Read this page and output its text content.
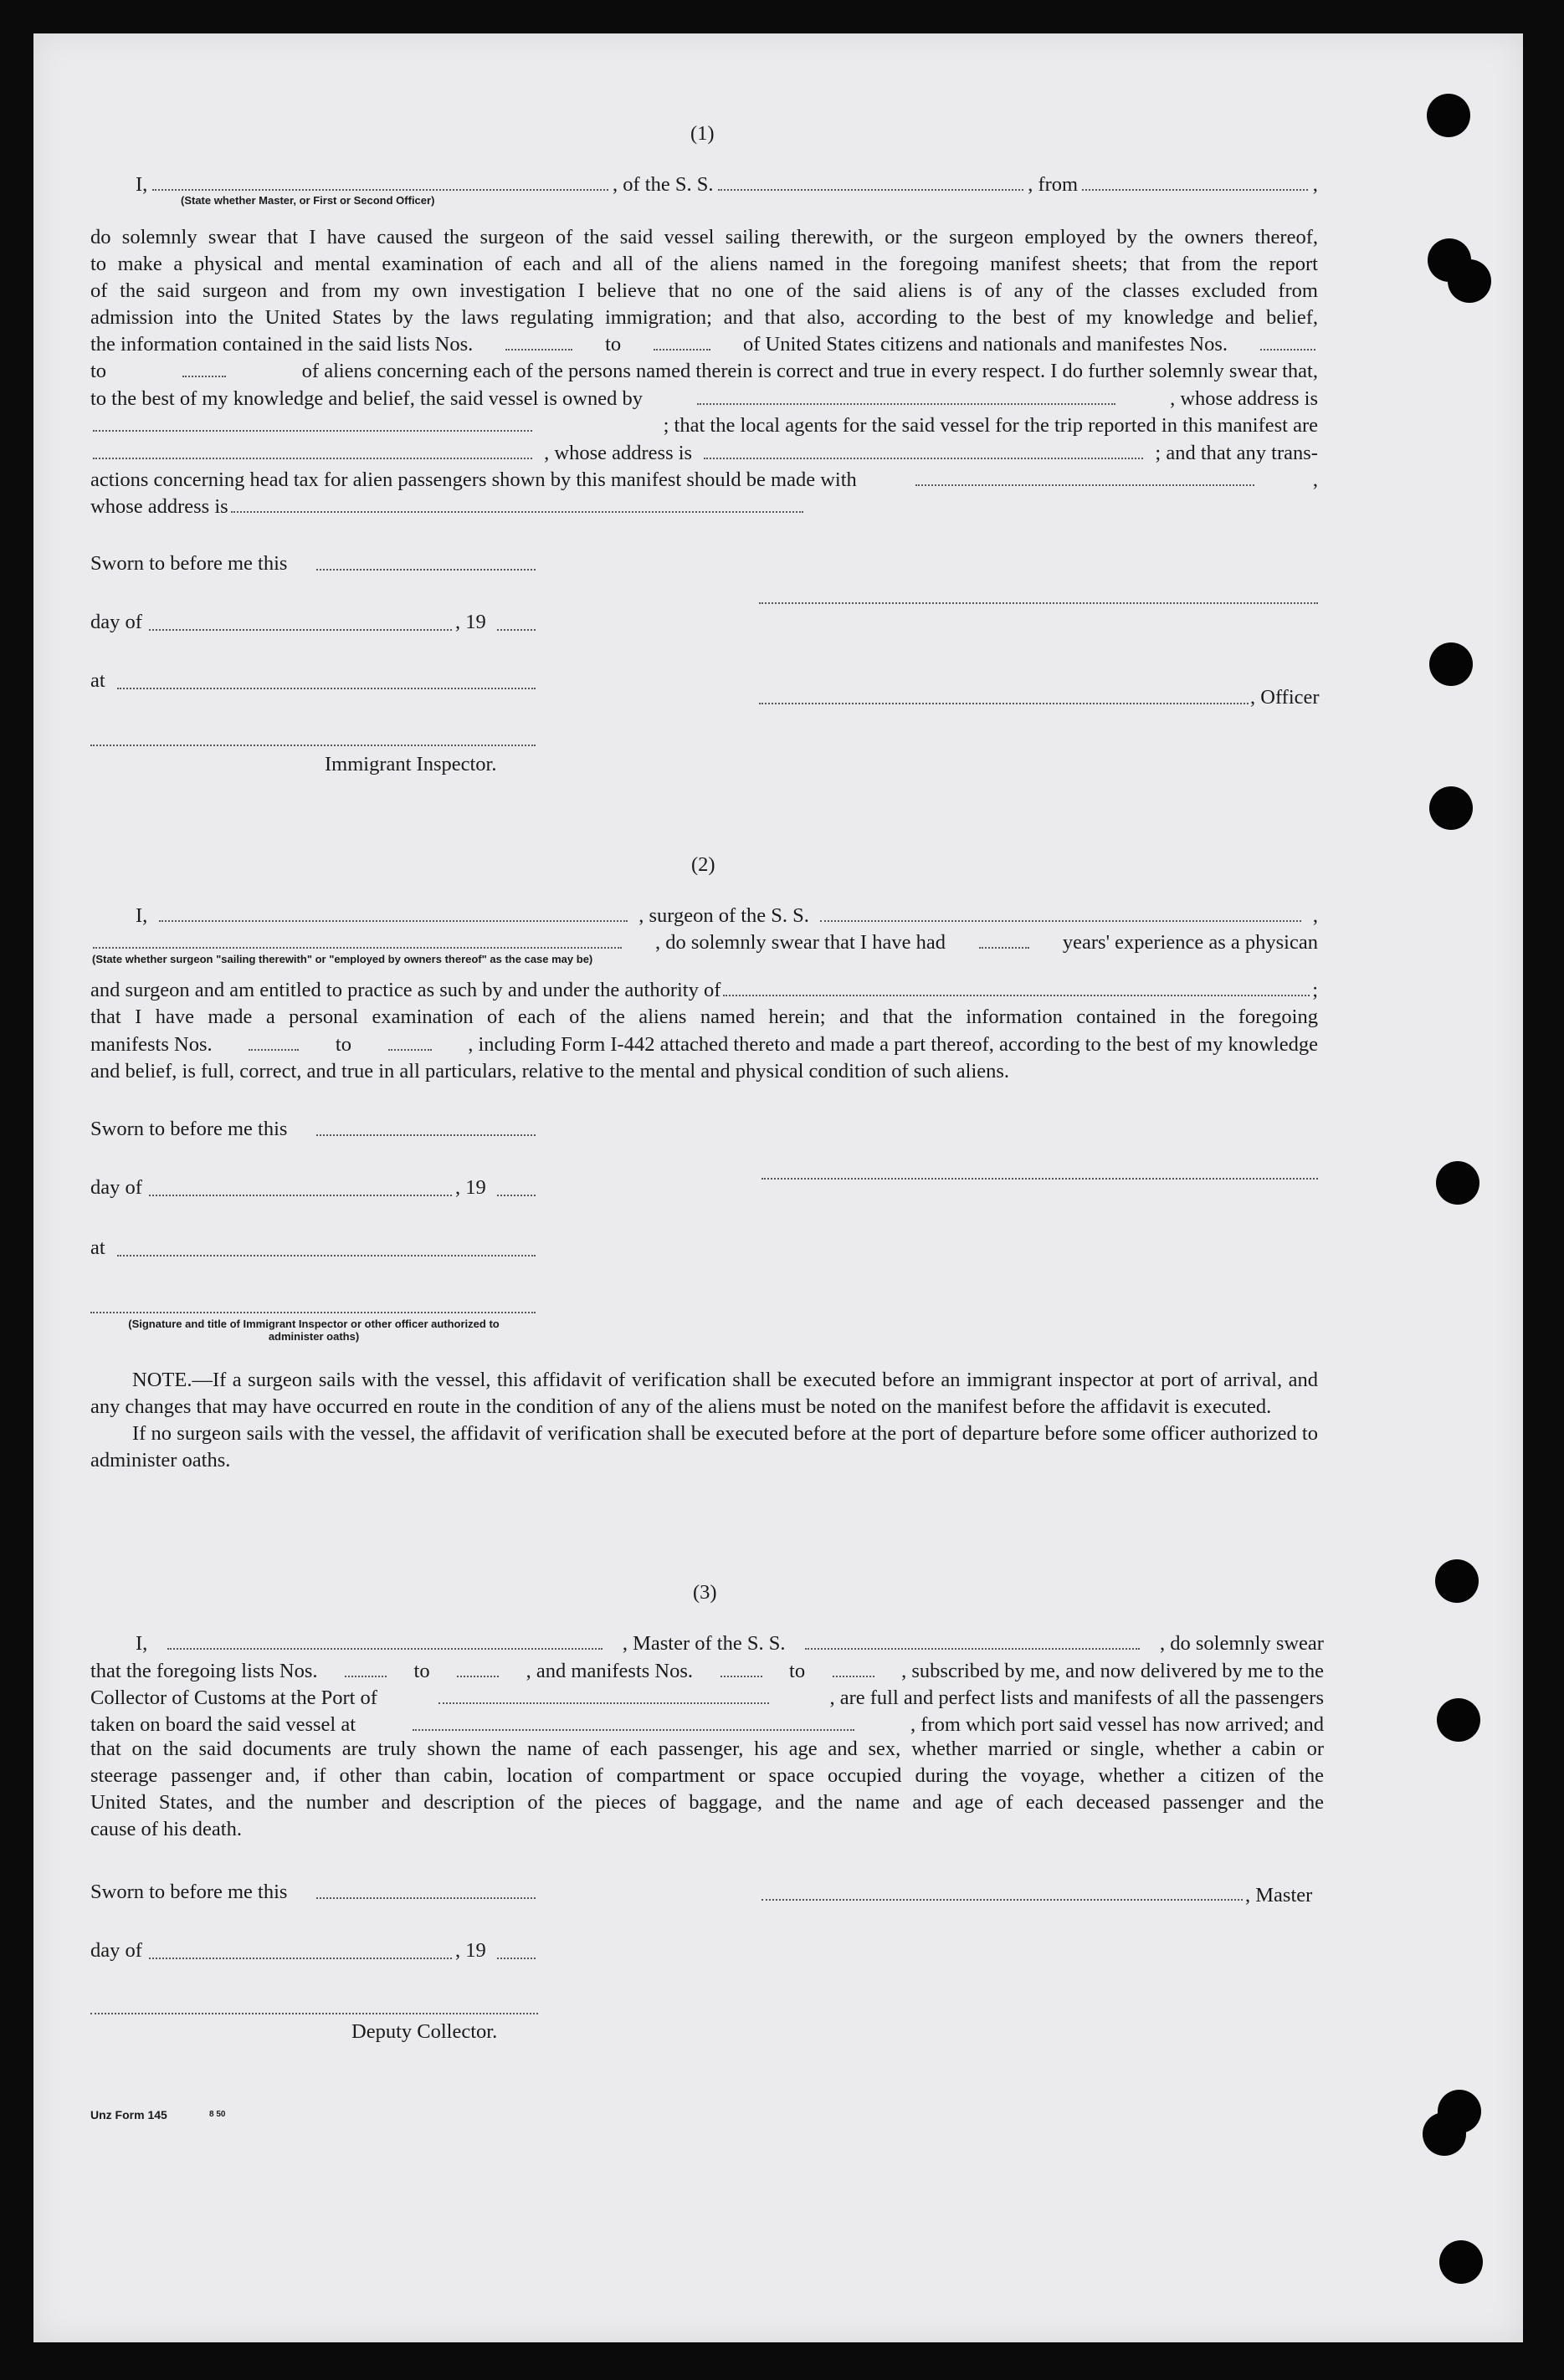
(1)
I,	, of the S. S.	, from	,
(State whether Master, or First or Second Officer)
do solemnly swear that I have caused the surgeon of the said vessel sailing therewith, or the surgeon employed by the owners thereof,
to make a physical and mental examination of each and all of the aliens named in the foregoing manifest sheets; that from the report
of the said surgeon and from my own investigation I believe that no one of the said aliens is of any of the classes excluded from
admission into the United States by the laws regulating immigration; and that also, according to the best of my knowledge and belief,
the information contained in the said lists Nos.	to	of United States citizens and nationals and manifestes Nos.
to	of aliens concerning each of the persons named therein is correct and true in every respect. I do further solemnly swear that,
to the best of my knowledge and belief, the said vessel is owned by	, whose address is
; that the local agents for the said vessel for the trip reported in this manifest are
, whose address is	; and that any trans-
actions concerning head tax for alien passengers shown by this manifest should be made with	,
whose address is
Sworn to before me this
day of	, 19
at
, Officer
Immigrant Inspector.
(2)
I,	, surgeon of the S. S.	,
, do solemnly swear that I have had	years' experience as a physican
(State whether surgeon "sailing therewith" or "employed by owners thereof" as the case may be)
and surgeon and am entitled to practice as such by and under the authority of	;
that I have made a personal examination of each of the aliens named herein; and that the information contained in the foregoing
manifests Nos.	to	, including Form I-442 attached thereto and made a part thereof, according to the best of my knowledge
and belief, is full, correct, and true in all particulars, relative to the mental and physical condition of such aliens.
Sworn to before me this
day of	, 19
at
(Signature and title of Immigrant Inspector or other officer authorized to administer oaths)

NOTE.—If a surgeon sails with the vessel, this affidavit of verification shall be executed before an immigrant inspector at port of arrival, and any changes that may have occurred en route in the condition of any of the aliens must be noted on the manifest before the affidavit is executed.

If no surgeon sails with the vessel, the affidavit of verification shall be executed before at the port of departure before some officer authorized to administer oaths.

(3)
I,	, Master of the S. S.	, do solemnly swear
that the foregoing lists Nos.	to	, and manifests Nos.	to	, subscribed by me, and now delivered by me to the
Collector of Customs at the Port of	, are full and perfect lists and manifests of all the passengers
taken on board the said vessel at	, from which port said vessel has now arrived; and
that on the said documents are truly shown the name of each passenger, his age and sex, whether married or single, whether a cabin or
steerage passenger and, if other than cabin, location of compartment or space occupied during the voyage, whether a citizen of the
United States, and the number and description of the pieces of baggage, and the name and age of each deceased passenger and the
cause of his death.
Sworn to before me this	, Master
day of	, 19
Deputy Collector.
Unz Form 145	8 50
